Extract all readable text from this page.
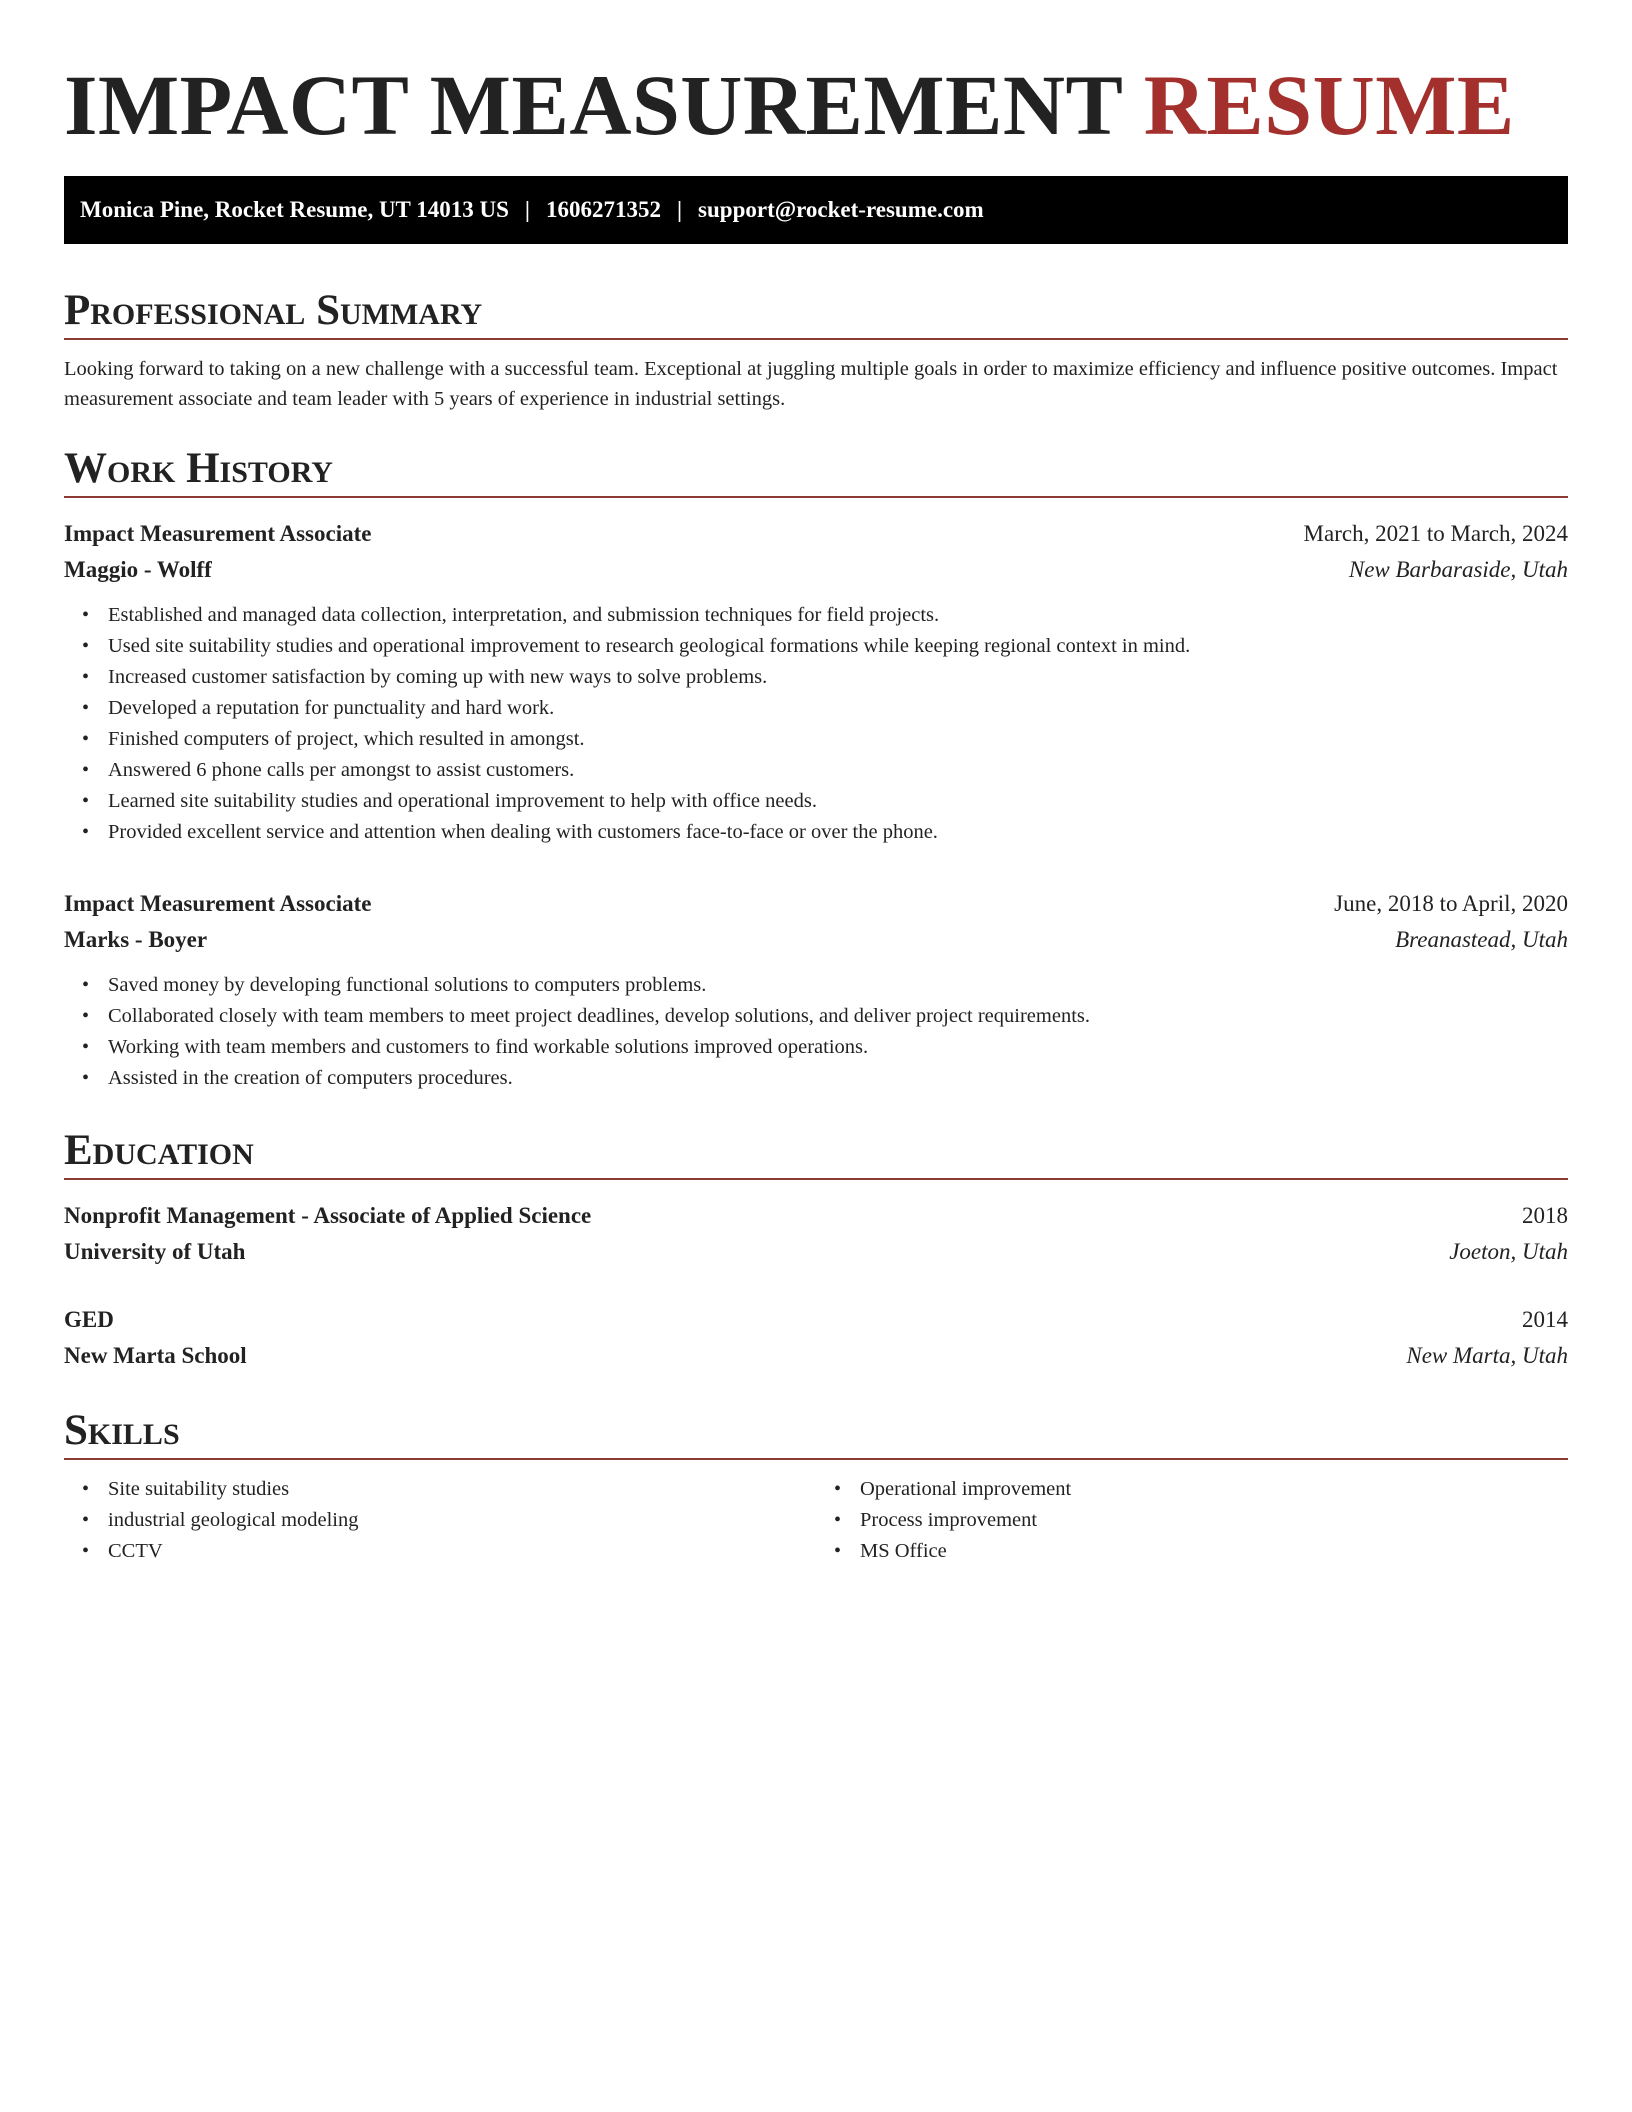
IMPACT MEASUREMENT RESUME
Monica Pine, Rocket Resume, UT 14013 US | 1606271352 | support@rocket-resume.com
Professional Summary

Looking forward to taking on a new challenge with a successful team. Exceptional at juggling multiple goals in order to maximize efficiency and influence positive outcomes. Impact measurement associate and team leader with 5 years of experience in industrial settings.

Work History
Impact Measurement Associate	March, 2021 to March, 2024
Maggio - Wolff	New Barbaraside, Utah
• Established and managed data collection, interpretation, and submission techniques for field projects.
• Used site suitability studies and operational improvement to research geological formations while keeping regional context in mind.
• Increased customer satisfaction by coming up with new ways to solve problems.
• Developed a reputation for punctuality and hard work.
• Finished computers of project, which resulted in amongst.
• Answered 6 phone calls per amongst to assist customers.
• Learned site suitability studies and operational improvement to help with office needs.
• Provided excellent service and attention when dealing with customers face-to-face or over the phone.
Impact Measurement Associate	June, 2018 to April, 2020
Marks - Boyer	Breanastead, Utah
• Saved money by developing functional solutions to computers problems.
• Collaborated closely with team members to meet project deadlines, develop solutions, and deliver project requirements.
• Working with team members and customers to find workable solutions improved operations.
• Assisted in the creation of computers procedures.
Education
Nonprofit Management - Associate of Applied Science	2018
University of Utah	Joeton, Utah
GED	2014
New Marta School	New Marta, Utah
Skills
• Site suitability studies
• industrial geological modeling
• CCTV
• Operational improvement
• Process improvement
• MS Office
